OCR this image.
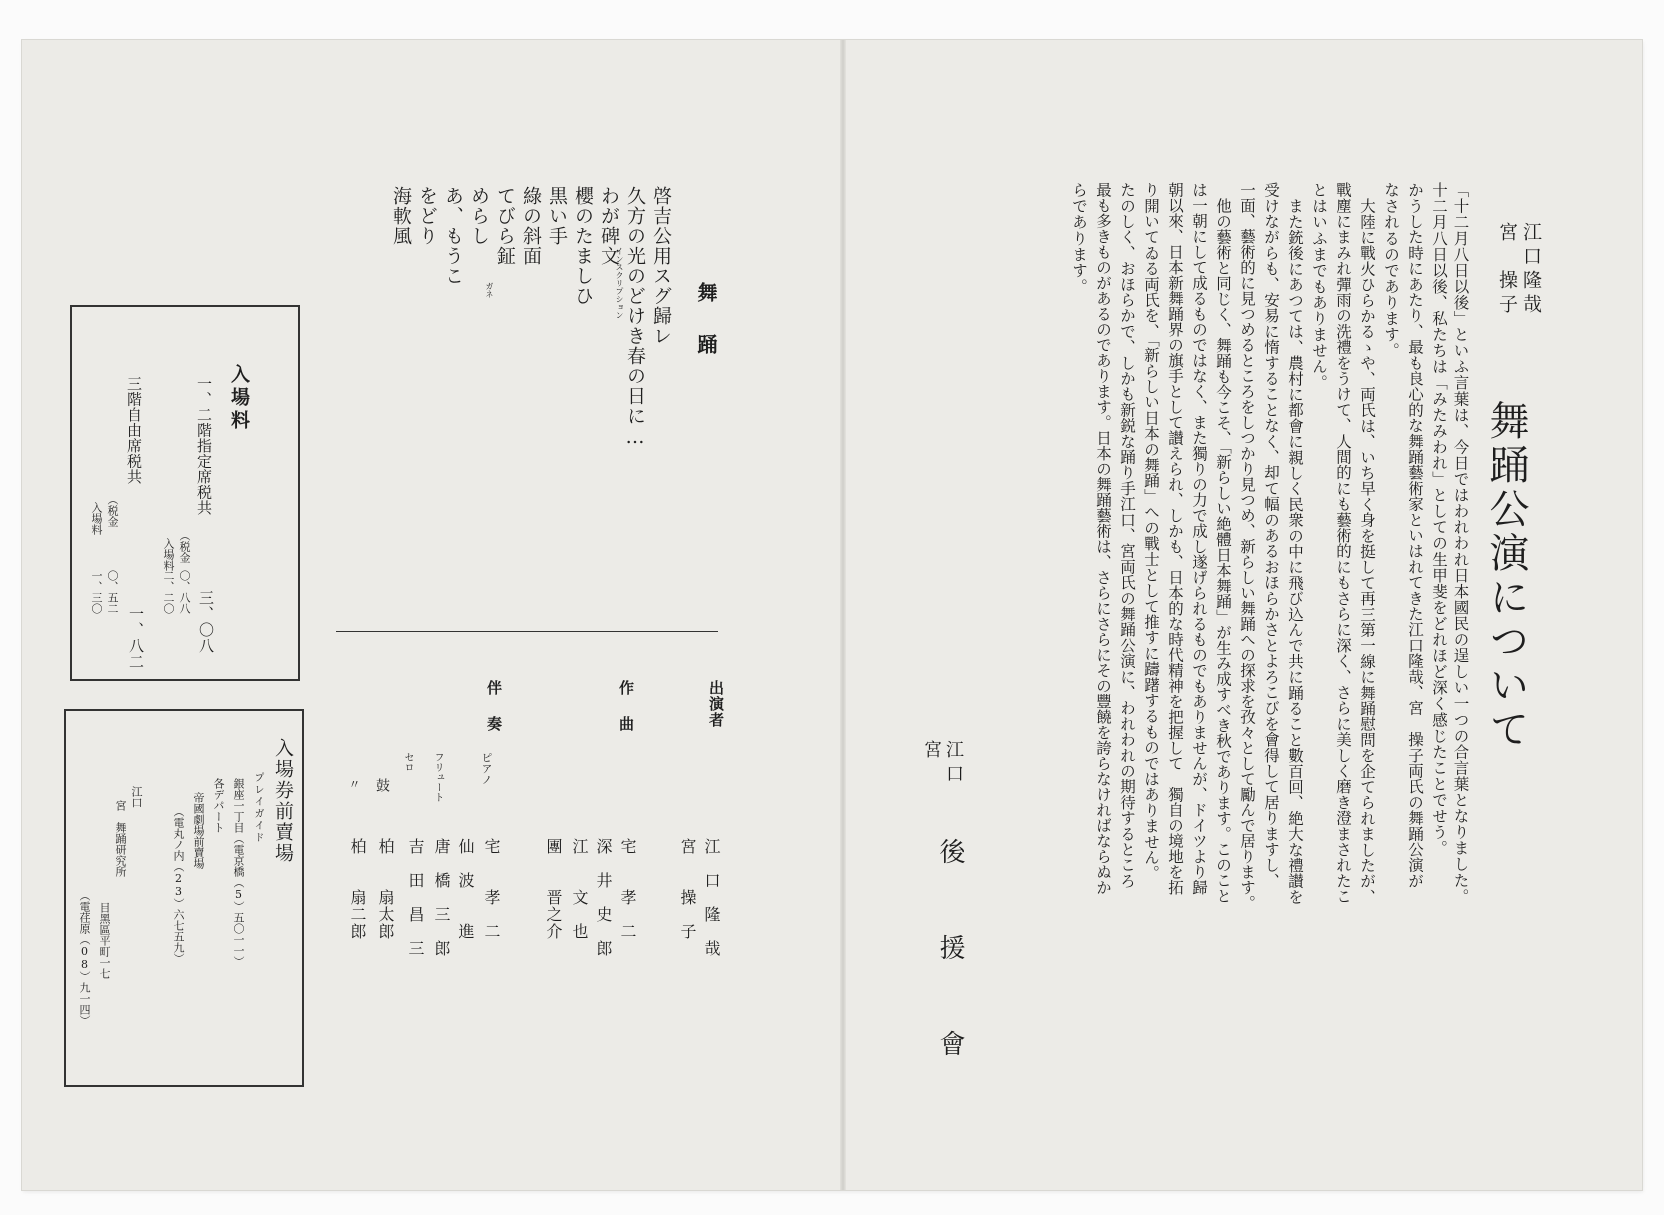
舞踊公演について
江口隆哉
宮　操子
「十二月八日以後」といふ言葉は、今日ではわれわれ日本國民の逞しい一つの合言葉となりました。
十二月八日以後、私たちは「みたみわれ」としての生甲斐をどれほど深く感じたことでせう。
かうした時にあたり、最も良心的な舞踊藝術家といはれてきた江口隆哉、宮　操子両氏の舞踊公演が
なされるのであります。
大陸に戰火ひらかるゝや、両氏は、いち早く身を挺して再三第一線に舞踊慰問を企てられましたが、
戰塵にまみれ彈雨の洗禮をうけて、人間的にも藝術的にもさらに深く、さらに美しく磨き澄まされたこ
とはいふまでもありません。
また銃後にあつては、農村に都會に親しく民衆の中に飛び込んで共に踊ること數百回、絶大な禮讃を
受けながらも、安易に惰することなく、却て幅のあるおほらかさとよろこびを會得して居りますし、
一面、藝術的に見つめるところをしつかり見つめ、新らしい舞踊への探求を孜々として勵んで居ります。
他の藝術と同じく、舞踊も今こそ、「新らしい絶體日本舞踊」が生み成すべき秋であります。このこと
は一朝にして成るものではなく、また獨りの力で成し遂げられるものでもありませんが、ドイツより歸
朝以來、日本新舞踊界の旗手として讃えられ、しかも、日本的な時代精神を把握して　獨自の境地を拓
り開いてゐる両氏を、「新らしい日本の舞踊」への戰士として推すに躊躇するものではありません。
たのしく、おほらかで、しかも新鋭な踊り手江口、宮両氏の舞踊公演に、われわれの期待するところ
最も多きものがあるのであります。日本の舞踊藝術は、さらにさらにその豐饒を誇らなければならぬか
らであります。
江口
宮
後　援　會
舞　踊
啓吉公用スグ歸レ
久方の光のどけき春の日に…
わが碑文
櫻のたましひ
黒い手
綠の斜面
てびら鉦
めらし
あ、もうこ
をどり
海軟風
インスクリプション
ガネ
出演者
江　口　隆　哉
宮　　操　子
作　曲
宅　　孝　二
深　井　史　郎
江　　文　也
團　　晋之介
伴　奏
ピアノ
宅　　孝　二
仙　波　　進
フリュート
唐　橋　三　郎
セロ
吉　田　昌　三
鼓
柏　　扇太郎
〃
柏　　扇二郎
入場料
一、二階指定席税共
（税金
入場料
〇、八八
二、二〇 三、〇八
三階自由席税共
（税金
入場料
〇、五二
一、三〇
一、八二
入場券前賣場
プレイガイド
銀座一丁目（電京橋（5）五〇一一）
各デパート
帝國劇場前賣場
（電丸ノ内（23）六七五九）
江口
宮　舞踊研究所
目黑區平町一七
（電荏原（08）九一四）
